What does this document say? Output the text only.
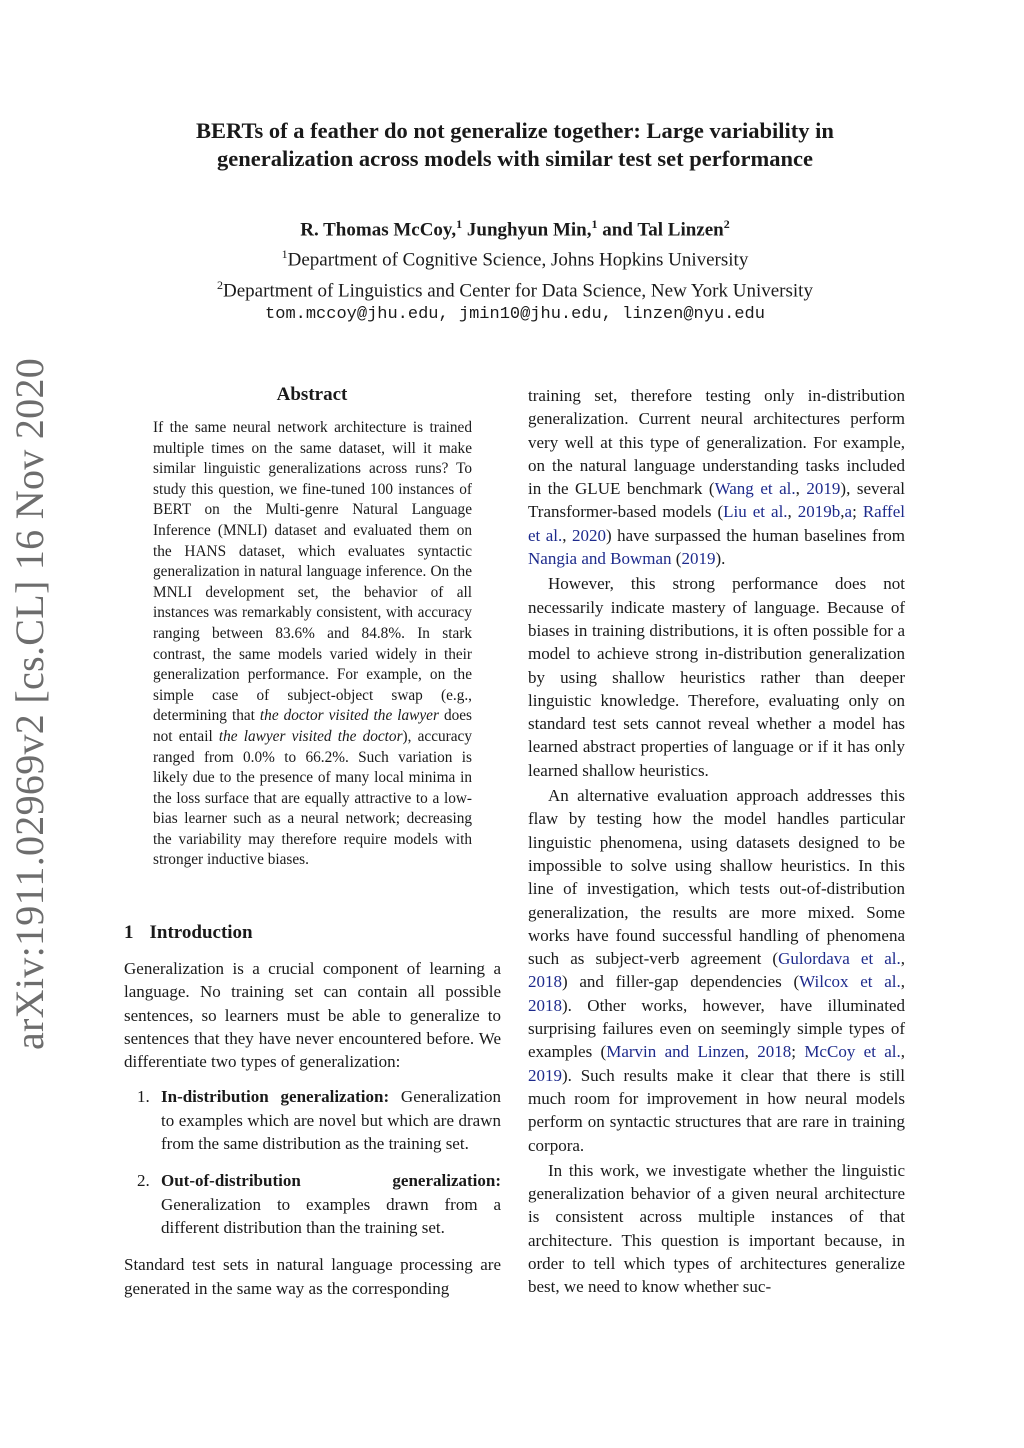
arXiv:1911.02969v2 [cs.CL] 16 Nov 2020
BERTs of a feather do not generalize together: Large variability in
generalization across models with similar test set performance
R. Thomas McCoy,$^1$ Junghyun Min,$^1$ and Tal Linzen$^2$
$^1$Department of Cognitive Science, Johns Hopkins University
$^2$Department of Linguistics and Center for Data Science, New York University
tom.mccoy@jhu.edu, jmin10@jhu.edu, linzen@nyu.edu
Abstract
If the same neural network architecture is trained multiple times on the same dataset, will it make similar linguistic generalizations across runs? To study this question, we fine-tuned 100 instances of BERT on the Multi-genre Natural Language Inference (MNLI) dataset and evaluated them on the HANS dataset, which evaluates syntactic generalization in natural language inference. On the MNLI development set, the behavior of all instances was remarkably consistent, with accuracy ranging between 83.6% and 84.8%. In stark contrast, the same models varied widely in their generalization performance. For example, on the simple case of subject-object swap (e.g., determining that the doctor visited the lawyer does not entail the lawyer visited the doctor), accuracy ranged from 0.0% to 66.2%. Such variation is likely due to the presence of many local minima in the loss surface that are equally attractive to a low-bias learner such as a neural network; decreasing the variability may therefore require models with stronger inductive biases.
1 Introduction

Generalization is a crucial component of learning a language. No training set can contain all possible sentences, so learners must be able to generalize to sentences that they have never encountered before. We differentiate two types of generalization:

1. In-distribution generalization: Generalization to examples which are novel but which are drawn from the same distribution as the training set.
2. Out-of-distribution generalization: Generalization to examples drawn from a different distribution than the training set.

Standard test sets in natural language processing are generated in the same way as the corresponding

training set, therefore testing only in-distribution generalization. Current neural architectures perform very well at this type of generalization. For example, on the natural language understanding tasks included in the GLUE benchmark (Wang et al., 2019), several Transformer-based models (Liu et al., 2019b,a; Raffel et al., 2020) have surpassed the human baselines from Nangia and Bowman (2019).

However, this strong performance does not necessarily indicate mastery of language. Because of biases in training distributions, it is often possible for a model to achieve strong in-distribution generalization by using shallow heuristics rather than deeper linguistic knowledge. Therefore, evaluating only on standard test sets cannot reveal whether a model has learned abstract properties of language or if it has only learned shallow heuristics.

An alternative evaluation approach addresses this flaw by testing how the model handles particular linguistic phenomena, using datasets designed to be impossible to solve using shallow heuristics. In this line of investigation, which tests out-of-distribution generalization, the results are more mixed. Some works have found successful handling of phenomena such as subject-verb agreement (Gulordava et al., 2018) and filler-gap dependencies (Wilcox et al., 2018). Other works, however, have illuminated surprising failures even on seemingly simple types of examples (Marvin and Linzen, 2018; McCoy et al., 2019). Such results make it clear that there is still much room for improvement in how neural models perform on syntactic structures that are rare in training corpora.

In this work, we investigate whether the linguistic generalization behavior of a given neural architecture is consistent across multiple instances of that architecture. This question is important because, in order to tell which types of architectures generalize best, we need to know whether suc-
